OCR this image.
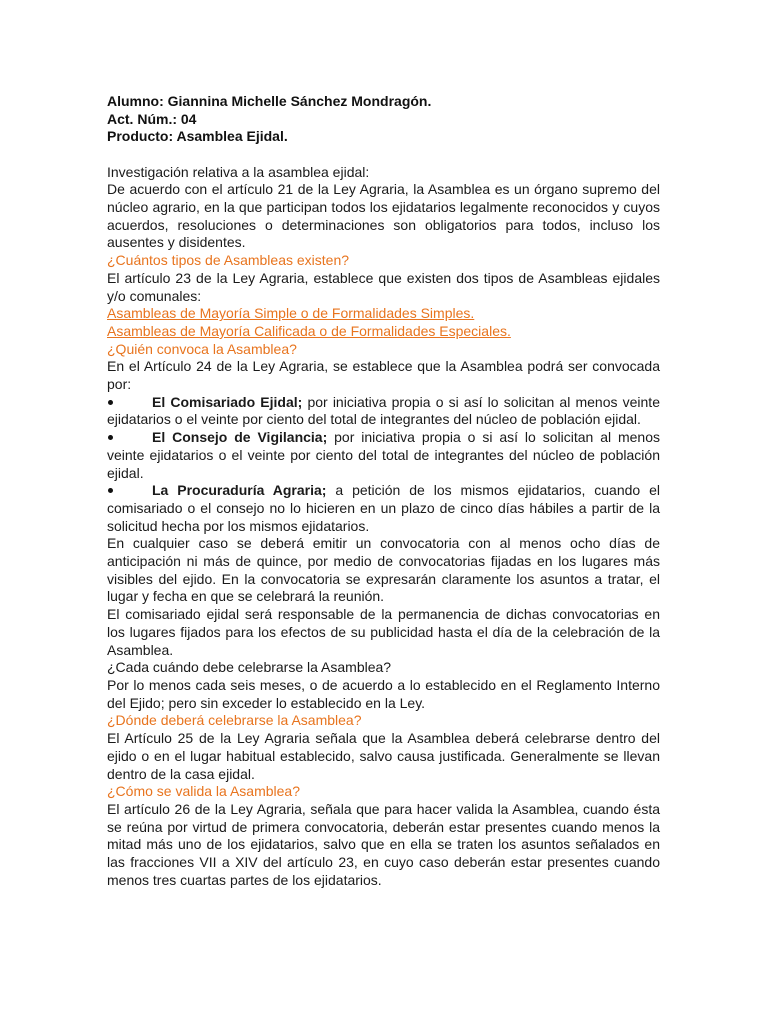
Alumno: Giannina Michelle Sánchez Mondragón.

Act. Núm.: 04

Producto: Asamblea Ejidal.

Investigación relativa a la asamblea ejidal:

De acuerdo con el artículo 21 de la Ley Agraria, la Asamblea es un órgano supremo del núcleo agrario, en la que participan todos los ejidatarios legalmente reconocidos y cuyos acuerdos, resoluciones o determinaciones son obligatorios para todos, incluso los ausentes y disidentes.

¿Cuántos tipos de Asambleas existen?

El artículo 23 de la Ley Agraria, establece que existen dos tipos de Asambleas ejidales y/o comunales:

Asambleas de Mayoría Simple o de Formalidades Simples.

Asambleas de Mayoría Calificada o de Formalidades Especiales.

¿Quién convoca la Asamblea?

En el Artículo 24 de la Ley Agraria, se establece que la Asamblea podrá ser convocada por:

El Comisariado Ejidal; por iniciativa propia o si así lo solicitan al menos veinte ejidatarios o el veinte por ciento del total de integrantes del núcleo de población ejidal.

El Consejo de Vigilancia; por iniciativa propia o si así lo solicitan al menos veinte ejidatarios o el veinte por ciento del total de integrantes del núcleo de población ejidal.

La Procuraduría Agraria; a petición de los mismos ejidatarios, cuando el comisariado o el consejo no lo hicieren en un plazo de cinco días hábiles a partir de la solicitud hecha por los mismos ejidatarios.

En cualquier caso se deberá emitir un convocatoria con al menos ocho días de anticipación ni más de quince, por medio de convocatorias fijadas en los lugares más visibles del ejido. En la convocatoria se expresarán claramente los asuntos a tratar, el lugar y fecha en que se celebrará la reunión.

El comisariado ejidal será responsable de la permanencia de dichas convocatorias en los lugares fijados para los efectos de su publicidad hasta el día de la celebración de la Asamblea.

¿Cada cuándo debe celebrarse la Asamblea?

Por lo menos cada seis meses, o de acuerdo a lo establecido en el Reglamento Interno del Ejido; pero sin exceder lo establecido en la Ley.

¿Dónde deberá celebrarse la Asamblea?

El Artículo 25 de la Ley Agraria señala que la Asamblea deberá celebrarse dentro del ejido o en el lugar habitual establecido, salvo causa justificada. Generalmente se llevan dentro de la casa ejidal.

¿Cómo se valida la Asamblea?

El artículo 26 de la Ley Agraria, señala que para hacer valida la Asamblea, cuando ésta se reúna por virtud de primera convocatoria, deberán estar presentes cuando menos la mitad más uno de los ejidatarios, salvo que en ella se traten los asuntos señalados en las fracciones VII a XIV del artículo 23, en cuyo caso deberán estar presentes cuando menos tres cuartas partes de los ejidatarios.
